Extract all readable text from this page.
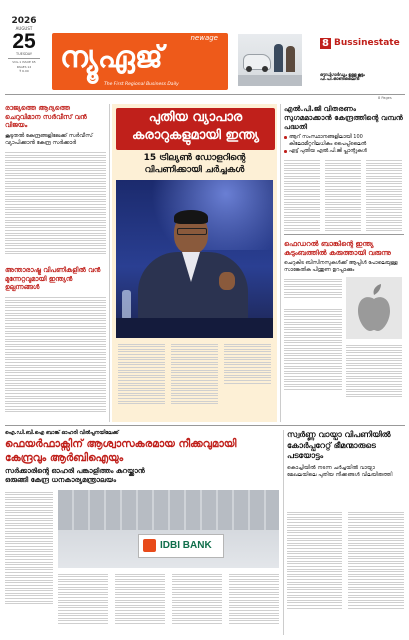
2026
AUGUST
25
TUESDAY
VOL.1 ISSUE 65
PAGES 12
₹ 6.00
newage
ന്യൂഏജ്
The First Regional Business Daily
8 Bussinestate
ഔഡിഗാർഡ്യം ഉള്ള കൂട്ടം
പി.പി.ഓൺലൈൻ
8 Pages
രാജ്യത്തെ ആദ്യത്തെ ചെറുവിമാന സർവീസ് വൻ വിജയം
കൂടുതൽ കേന്ദ്രങ്ങളിലേക്ക് സർവീസ് വ്യാപിക്കാൻ കേന്ദ്ര സർക്കാർ
അന്താരാഷ്ട്ര വിപണികളിൽ വൻ മുന്നേറ്റവുമായി ഇന്ത്യൻ ഉല്പന്നങ്ങൾ
പുതിയ വ്യാപാര
കരാറുകളുമായി ഇന്ത്യ
15 ട്രില്യൺ ഡോളറിന്റെ
വിപണിക്കായി ചർച്ചകൾ
എൽ.പി.ജി വിതരണം സുഗമമാക്കാൻ കേന്ദ്രത്തിന്റെ വമ്പൻ പദ്ധതി
ആറ് സംസ്ഥാനങ്ങളിലായി 100 കിലോമീറ്ററിലധികം പൈപ്പ്‌ലൈൻ
എട്ട് പുതിയ എൽ.പി.ജി പ്ലാന്റുകൾ
ഫെഡറൽ ബാങ്കിന്റെ ഇന്ത്യ കുടുംബത്തിൽ കരുത്തായി വരുന്നു
ചെറുകിട ബിസിനസുകൾക്ക് ആപ്പിൾ പോലെയുള്ള സാങ്കേതിക പിന്തുണ ഉറപ്പാക്കും
ഐ.ഡി.ബി.ഐ ബാങ്ക് ഓഹരി വിൽപ്പനയിലേക്ക്
ഫെയർഫാക്സിന് ആശ്വാസകരമായ നീക്കവുമായി
കേന്ദ്രവും ആർബിഐയും
സർക്കാരിന്റെ ഓഹരി പങ്കാളിത്തം കുറയ്ക്കാൻ
ഒരുങ്ങി കേന്ദ്ര ധനകാര്യമന്ത്രാലയം
IDBI BANK
സ്വർണ്ണ വായ്പാ വിപണിയിൽ കോർപ്പറേറ്റ് ഭീമന്മാരുടെ പടയോട്ടം
കൊച്ചിയിൽ നടന്ന ചർച്ചയിൽ വായ്പാ മേഖലയിലെ പുതിയ നീക്കങ്ങൾ വിലയിരുത്തി
